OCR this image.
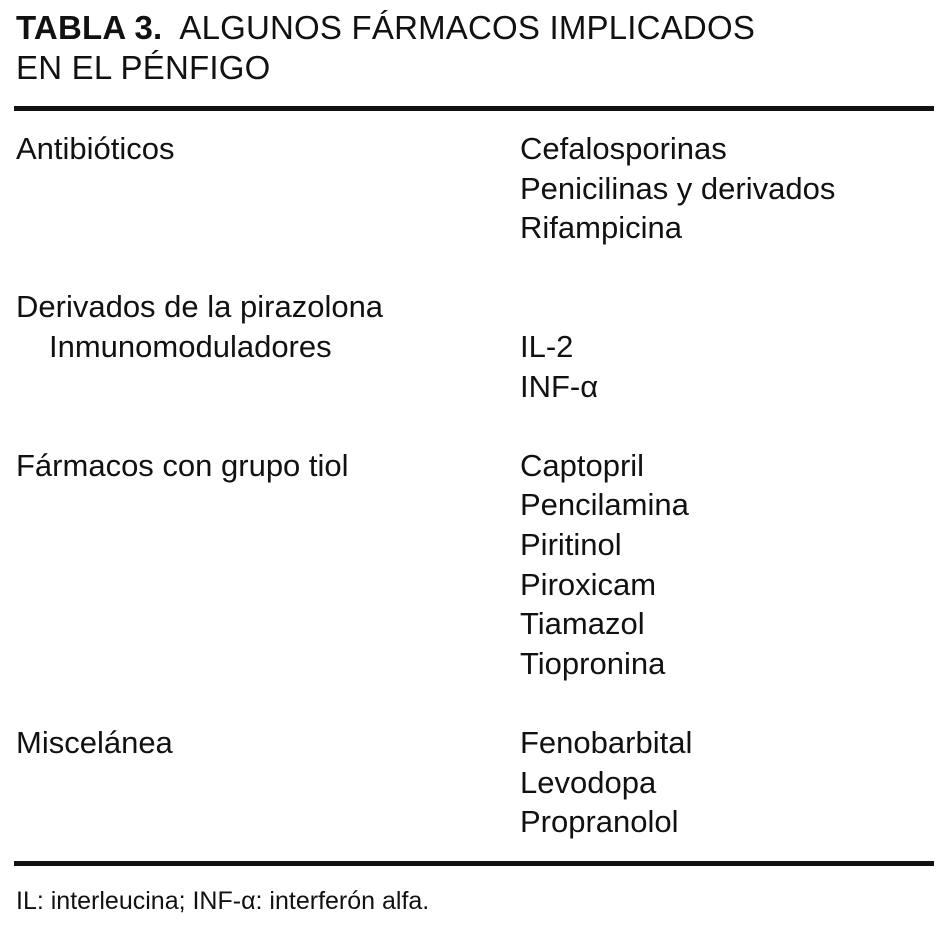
TABLA 3. ALGUNOS FÁRMACOS IMPLICADOS
EN EL PÉNFIGO
Antibióticos	Cefalosporinas
Penicilinas y derivados
Rifampicina
Derivados de la pirazolona
Inmunomoduladores	IL-2
INF-α
Fármacos con grupo tiol	Captopril
Pencilamina
Piritinol
Piroxicam
Tiamazol
Tiopronina
Miscelánea	Fenobarbital
Levodopa
Propranolol
IL: interleucina; INF-α: interferón alfa.
